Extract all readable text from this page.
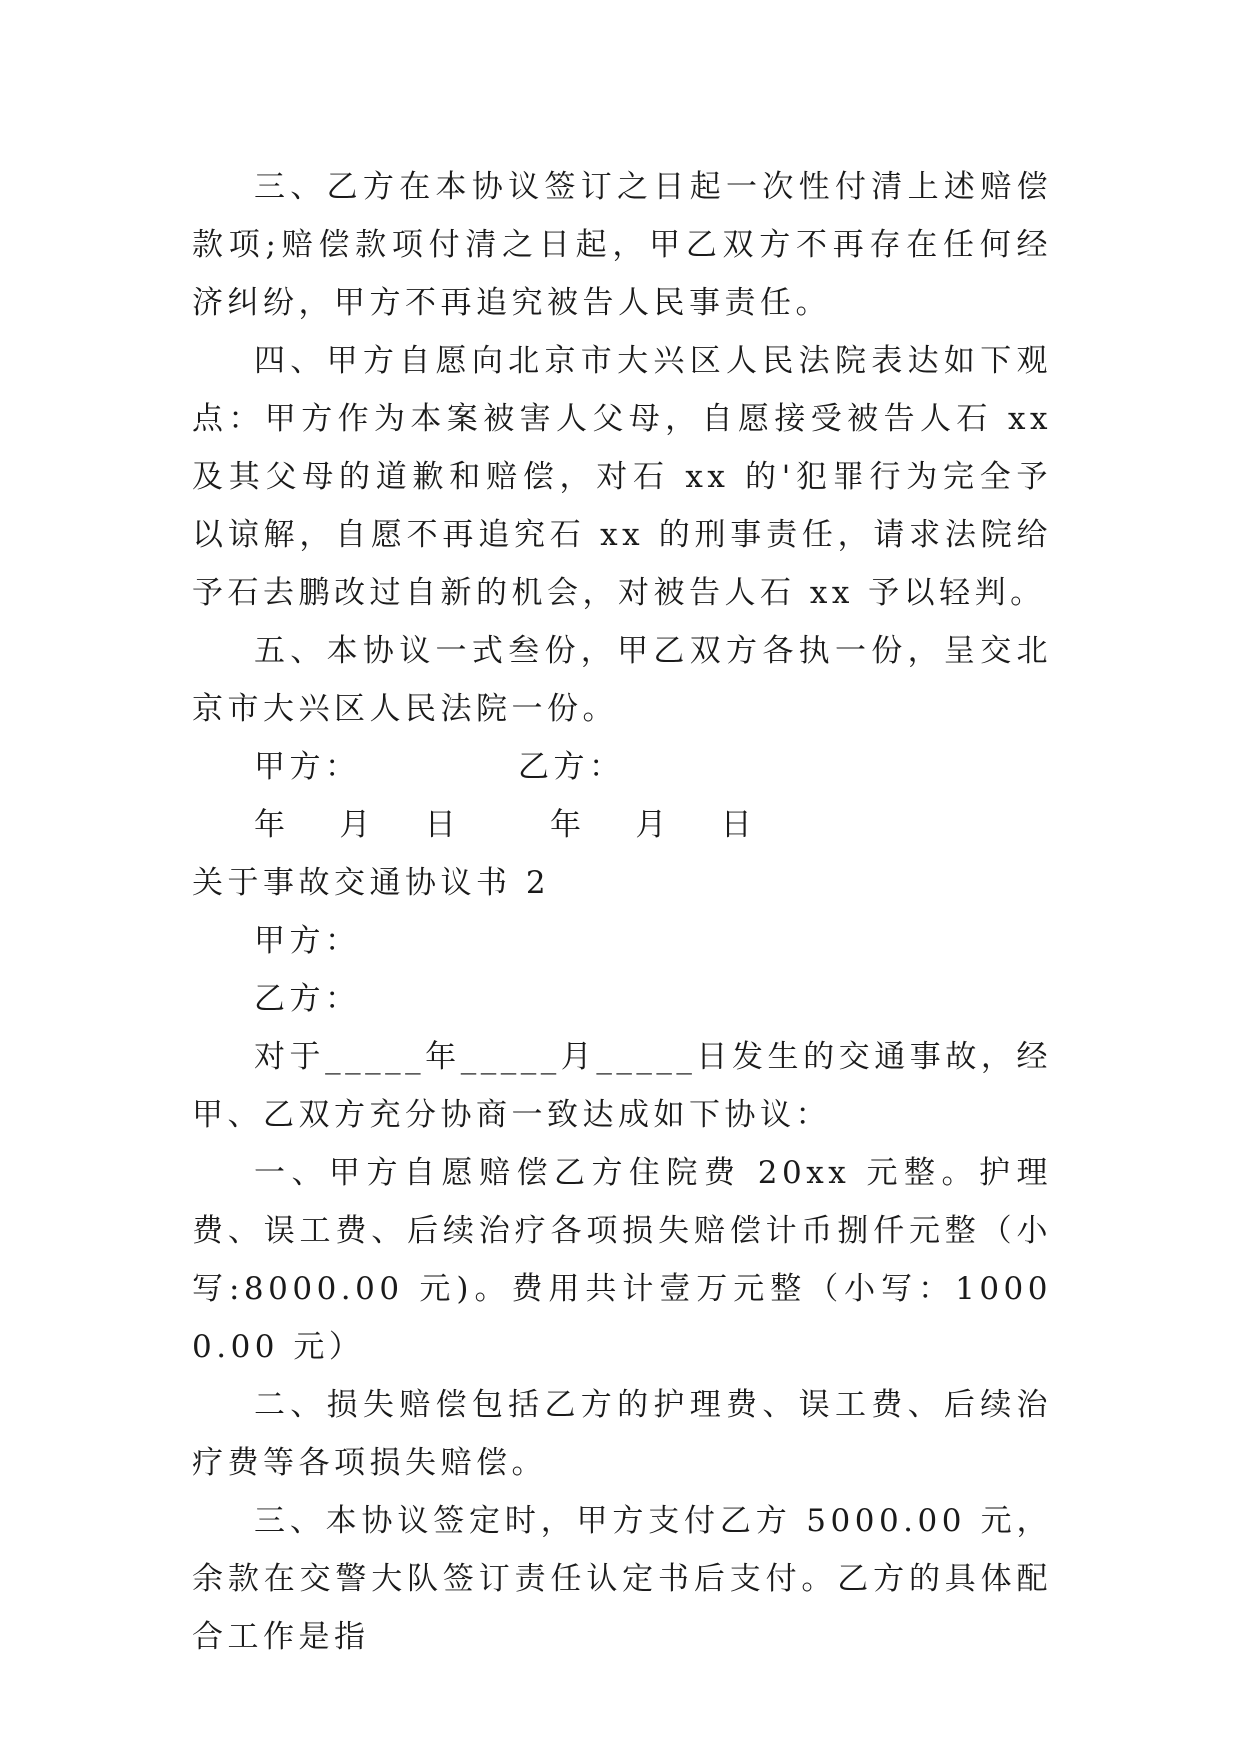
三、乙方在本协议签订之日起一次性付清上述赔偿款项;赔偿款项付清之日起，甲乙双方不再存在任何经济纠纷，甲方不再追究被告人民事责任。

四、甲方自愿向北京市大兴区人民法院表达如下观点：甲方作为本案被害人父母，自愿接受被告人石 xx 及其父母的道歉和赔偿，对石 xx 的'犯罪行为完全予以谅解，自愿不再追究石 xx 的刑事责任，请求法院给予石去鹏改过自新的机会，对被告人石 xx 予以轻判。

五、本协议一式叁份，甲乙双方各执一份，呈交北京市大兴区人民法院一份。

甲方：	乙方：

年　 月　 日	年　 月　 日

关于事故交通协议书 2

甲方：

乙方：

对于_____年_____月_____日发生的交通事故，经甲、乙双方充分协商一致达成如下协议：

一、甲方自愿赔偿乙方住院费 20xx 元整。护理费、误工费、后续治疗各项损失赔偿计币捌仟元整（小写:8000.00 元)。费用共计壹万元整（小写：10000.00 元）

二、损失赔偿包括乙方的护理费、误工费、后续治疗费等各项损失赔偿。

三、本协议签定时，甲方支付乙方 5000.00 元，余款在交警大队签订责任认定书后支付。乙方的具体配合工作是指
